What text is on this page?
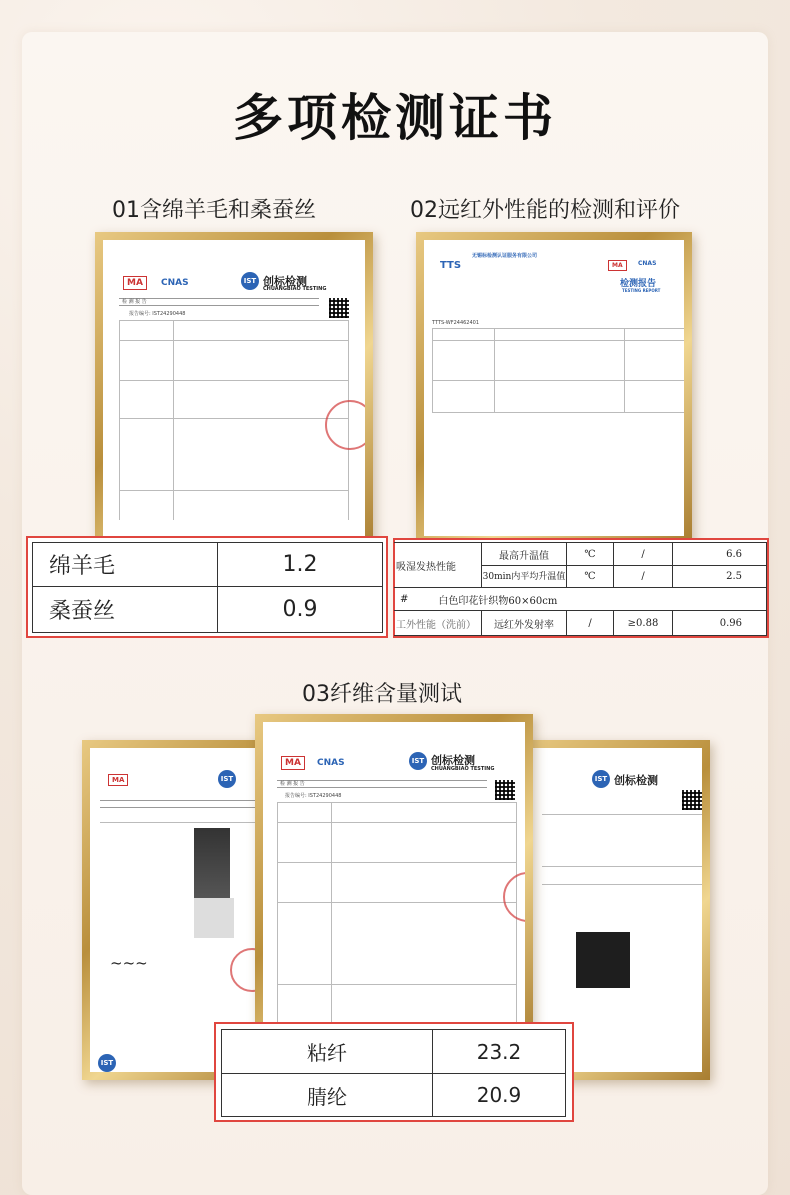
多项检测证书
01含绵羊毛和桑蚕丝	02远红外性能的检测和评价
03纤维含量测试
MA	CNAS	IST 创标检测
CHUANGBIAO TESTING
检 测 报 告
报告编号: IST24290448
TTS
无锡标检测认证服务有限公司
MA	CNAS
检测报告
TESTING REPORT
TTTS-WF24462401
绵羊毛	1.2
桑蚕丝	0.9
吸湿发热性能
最高升温值	℃	/	6.6
30min内平均升温值	℃	/	2.5
#	白色印花针织物60×60cm
工外性能（洗前）	远红外发射率	/	≥0.88	0.96
MA	IST
~~~
IST
IST 创标检测
MA	CNAS	IST 创标检测
CHUANGBIAO TESTING
检 测 报 告
报告编号: IST24290448
粘纤	23.2
腈纶	20.9
